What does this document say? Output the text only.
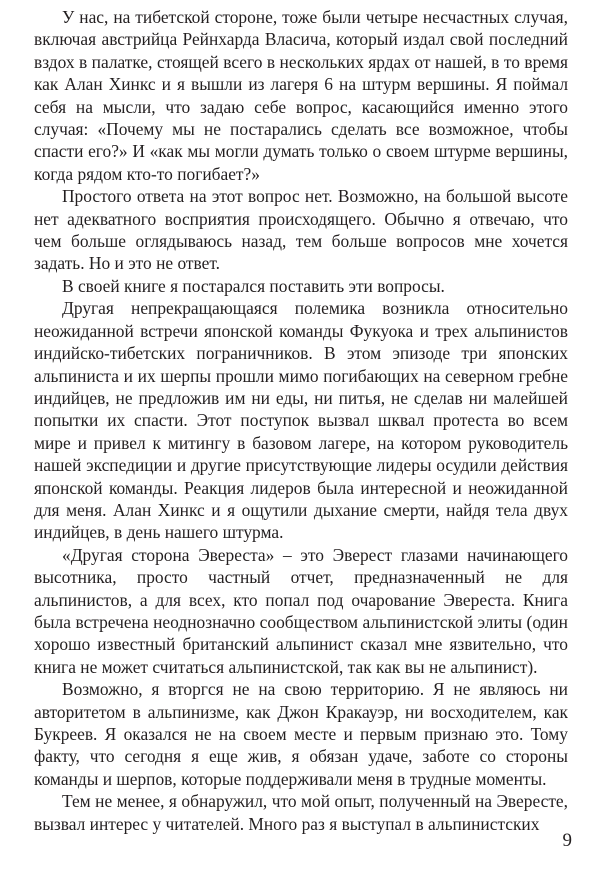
У нас, на тибетской стороне, тоже были четыре несчастных случая, включая австрийца Рейнхарда Власича, который издал свой последний вздох в палатке, стоящей всего в нескольких ярдах от нашей, в то время как Алан Хинкс и я вышли из лагеря 6 на штурм вершины. Я поймал себя на мысли, что задаю себе вопрос, касающийся именно этого случая: «Почему мы не постарались сделать все возможное, чтобы спасти его?» И «как мы могли думать только о своем штурме вершины, когда рядом кто-то погибает?»

Простого ответа на этот вопрос нет. Возможно, на большой высоте нет адекватного восприятия происходящего. Обычно я отвечаю, что чем больше оглядываюсь назад, тем больше вопросов мне хочется задать. Но и это не ответ.

В своей книге я постарался поставить эти вопросы.

Другая непрекращающаяся полемика возникла относительно неожиданной встречи японской команды Фукуока и трех альпинистов индийско-тибетских пограничников. В этом эпизоде три японских альпиниста и их шерпы прошли мимо погибающих на северном гребне индийцев, не предложив им ни еды, ни питья, не сделав ни малейшей попытки их спасти. Этот поступок вызвал шквал протеста во всем мире и привел к митингу в базовом лагере, на котором руководитель нашей экспедиции и другие присутствующие лидеры осудили действия японской команды. Реакция лидеров была интересной и неожиданной для меня. Алан Хинкс и я ощутили дыхание смерти, найдя тела двух индийцев, в день нашего штурма.

«Другая сторона Эвереста» – это Эверест глазами начинающего высотника, просто частный отчет, предназначенный не для альпинистов, а для всех, кто попал под очарование Эвереста. Книга была встречена неоднозначно сообществом альпинистской элиты (один хорошо известный британский альпинист сказал мне язвительно, что книга не может считаться альпинистской, так как вы не альпинист).

Возможно, я вторгся не на свою территорию. Я не являюсь ни авторитетом в альпинизме, как Джон Кракауэр, ни восходителем, как Букреев. Я оказался не на своем месте и первым признаю это. Тому факту, что сегодня я еще жив, я обязан удаче, заботе со стороны команды и шерпов, которые поддерживали меня в трудные моменты.

Тем не менее, я обнаружил, что мой опыт, полученный на Эвересте, вызвал интерес у читателей. Много раз я выступал в альпинистских

9
